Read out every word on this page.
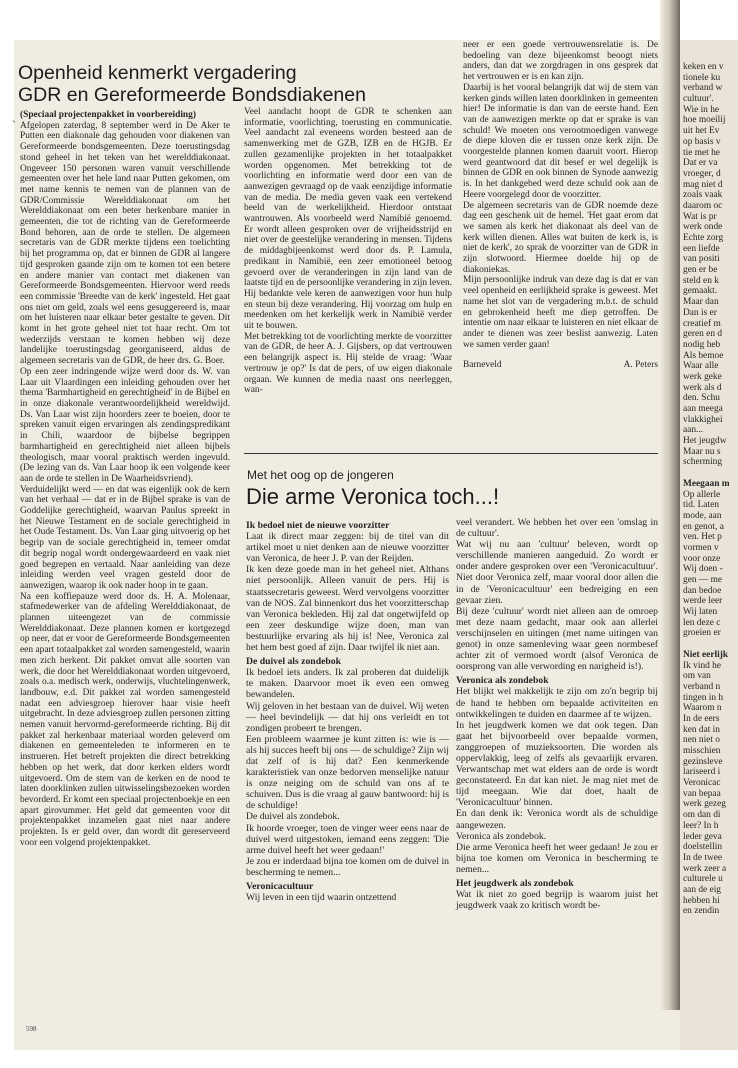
keken en v
tionele ku
verband w
cultuur'.
Wie in he
hoe moeilij
uit het Ev
op basis v
tie met he
Dat er va
vroeger, d
mag niet d
zoals vaak
daarom oc
Wat is pr
werk onde
Echte zorg
een liefde
van positi
gen er be
steld en k
gemaakt.
Maar dan
Dan is er
creatief m
geren en d
nodig heb
Als bemoe
Waar alle
werk geke
werk als d
den. Schu
aan meega
vlakkighei
aan...
Het jeugdw
Maar nu s
scherming
Meegaan m
Op allerle
tid. Laten
mode, aan
en genot, a
ven. Het p
vormen v
voor onze
Wij doen -
gen — me
dan bedoe
werde leer
Wij laten
len deze c
groeien er
Niet eerlijk
Ik vind he
om van
verband n
tingen in h
Waarom n
In de eers
ken dat in
nen niet o
misschien
gezinsleve
lariseerd i
Veronicac
van bepaa
werk gezeg
om dan di
leer? In h
leder geva
doelstellin
In de twee
werk zeer a
culturele u
aan de eig
hebben hi
en zendin
Openheid kenmerkt vergadering
GDR en Gereformeerde Bondsdiakenen
`

(Speciaal projectenpakket in voorbereiding)

Afgelopen zaterdag, 8 september werd in De Aker te Putten een diakonale dag gehouden voor diakenen van Gereformeerde bondsgemeenten. Deze toerustingsdag stond geheel in het teken van het werelddiakonaat. Ongeveer 150 personen waren vanuit verschillende gemeenten over het hele land naar Putten gekomen, om met name kennis te nemen van de plannen van de GDR/Commissie Werelddiakonaat om het Werelddiakonaat om een beter herkenbare manier in gemeenten, die tot de richting van de Gereformeerde Bond behoren, aan de orde te stellen. De algemeen secretaris van de GDR merkte tijdens een toelichting bij het programma op, dat er binnen de GDR al langere tijd gesproken gaande zijn om te komen tot een betere en andere manier van contact met diakenen van Gereformeerde Bondsgemeenten. Hiervoor werd reeds een commissie 'Breedte van de kerk' ingesteld. Het gaat ons niet om geld, zoals wel eens gesuggereerd is, maar om het luisteren naar elkaar beter gestalte te geven. Dit komt in het grote geheel niet tot haar recht. Om tot wederzijds verstaan te komen hebben wij deze landelijke toerustingsdag georganiseerd, aldus de algemeen secretaris van de GDR, de heer drs. G. Boer.

Op een zeer indringende wijze werd door ds. W. van Laar uit Vlaardingen een inleiding gehouden over het thema 'Barmhartigheid en gerechtigheid' in de Bijbel en in onze diakonale verantwoordelijkheid wereldwijd. Ds. Van Laar wist zijn hoorders zeer te boeien, door te spreken vanuit eigen ervaringen als zendingspredikant in Chili, waardoor de bijbelse begrippen barmhartigheid en gerechtigheid niet alleen bijbels theologisch, maar vooral praktisch werden ingevuld. (De lezing van ds. Van Laar hoop ik een volgende keer aan de orde te stellen in De Waarheidsvriend).

Verduidelijkt werd — en dat was eigenlijk ook de kern van het verhaal — dat er in de Bijbel sprake is van de Goddelijke gerechtigheid, waarvan Paulus spreekt in het Nieuwe Testament en de sociale gerechtigheid in het Oude Testament. Ds. Van Laar ging uitvoerig op het begrip van de sociale gerechtigheid in, temeer omdat dit begrip nogal wordt ondergewaardeerd en vaak niet goed begrepen en vertaald. Naar aanleiding van deze inleiding werden veel vragen gesteld door de aanwezigen, waarop ik ook nader hoop in te gaan.

Na een koffiepauze werd door ds. H. A. Molenaar, stafmedewerker van de afdeling Werelddiakonaat, de plannen uiteengezet van de commissie Werelddiakonaat. Deze plannen komen er kortgezegd op neer, dat er voor de Gereformeerde Bondsgemeenten een apart totaalpakket zal worden samengesteld, waarin men zich herkent. Dit pakket omvat alle soorten van werk, die door het Werelddiakonaat worden uitgevoerd, zoals o.a. medisch werk, onderwijs, vluchtelingenwerk, landbouw, e.d. Dit pakket zal worden samengesteld nadat een adviesgroep hierover haar visie heeft uitgebracht. In deze adviesgroep zullen personen zitting nemen vanuit hervormd-gereformeerde richting. Bij dit pakket zal herkenbaar materiaal worden geleverd om diakenen en gemeenteleden te informeren en te instrueren. Het betreft projekten die direct betrekking hebben op het werk, dat door kerken elders wordt uitgevoerd. Om de stem van de kerken en de nood te laten doorklinken zullen uitwisselingsbezoeken worden bevorderd. Er komt een speciaal projectenboekje en een apart girονummer. Het geld dat gemeenten voor dit projektenpakket inzamelen gaat niet naar andere projekten. Is er geld over, dan wordt dit gereserveerd voor een volgend projektenpakket.

Veel aandacht hoopt de GDR te schenken aan informatie, voorlichting, toerusting en communicatie. Veel aandacht zal eveneens worden besteed aan de samenwerking met de GZB, IZB en de HGJB. Er zullen gezamenlijke projekten in het totaalpakket worden opgenomen. Met betrekking tot de voorlichting en informatie werd door een van de aanwezigen gevraagd op de vaak eenzijdige informatie van de media. De media geven vaak een vertekend beeld van de werkelijkheid. Hierdoor ontstaat wantrouwen. Als voorbeeld werd Namibië genoemd. Er wordt alleen gesproken over de vrijheidsstrijd en niet over de geestelijke verandering in mensen. Tijdens de middagbijeenkomst werd door ds. P. Lamula, predikant in Namibië, een zeer emotioneel betoog gevoerd over de veranderingen in zijn land van de laatste tijd en de persoonlijke verandering in zijn leven. Hij bedankte vele keren de aanwezigen voor hun hulp en steun bij deze verandering. Hij voorzag om hulp en meedenken om het kerkelijk werk in Namibië verder uit te bouwen.

Met betrekking tot de voorlichting merkte de voorzitter van de GDR, de heer A. J. Gijsbers, op dat vertrouwen een belangrijk aspect is. Hij stelde de vraag: 'Waar vertrouw je op?' Is dat de pers, of uw eigen diakonale orgaan. We kunnen de media naast ons neerleggen, wan-

neer er een goede vertrouwensrelatie is. De bedoeling van deze bijeenkomst beoogt niets anders, dan dat we zorgdragen in ons gesprek dat het vertrouwen er is en kan zijn.

Daarbij is het vooral belangrijk dat wij de stem van kerken ginds willen laten doorklinken in gemeenten hier! De informatie is dan van de eerste hand. Een van de aanwezigen merkte op dat er sprake is van schuld! We moeten ons verootmoedigen vanwege de diepe kloven die er tussen onze kerk zijn. De voorgestelde plannen komen daaruit voort. Hierop werd geantwoord dat dit besef er wel degelijk is binnen de GDR en ook binnen de Synode aanwezig is. In het dankgebed werd deze schuld ook aan de Heere voorgelegd door de voorzitter.

De algemeen secretaris van de GDR noemde deze dag een geschenk uit de hemel. 'Het gaat erom dat we samen als kerk het diakonaat als deel van de kerk willen dienen. Alles wat buiten de kerk is, is niet de kerk', zo sprak de voorzitter van de GDR in zijn slotwoord. Hiermee doelde hij op de diakoniekas.

Mijn persoonlijke indruk van deze dag is dat er van veel openheid en eerlijkheid sprake is geweest. Met name het slot van de vergadering m.b.t. de schuld en gebrokenheid heeft me diep getroffen. De intentie om naar elkaar te luisteren en niet elkaar de ander te dienen was zeer beslist aanwezig. Laten we samen verder gaan!

Barneveld	A. Peters
Met het oog op de jongeren
Die arme Veronica toch...!

Ik bedoel niet de nieuwe voorzitter

Laat ik direct maar zeggen: bij de titel van dit artikel moet u niet denken aan de nieuwe voorzitter van Veronica, de heer J. P. van der Reijden.

Ik ken deze goede man in het geheel niet. Althans niet persoonlijk. Alleen vanuit de pers. Hij is staatssecretaris geweest. Werd vervolgens voorzitter van de NOS. Zal binnenkort dus het voorzitterschap van Veronica bekleden. Hij zal dat ongetwijfeld op een zeer deskundige wijze doen, man van bestuurlijke ervaring als hij is! Nee, Veronica zal het hem best goed af zijn. Daar twijfel ik niet aan.

De duivel als zondebok

Ik bedoel iets anders. Ik zal proberen dat duidelijk te maken. Daarvoor moet ik even een omweg bewandelen.

Wij geloven in het bestaan van de duivel. Wij weten — heel bevindelijk — dat hij ons verleidt en tot zondigen probeert te brengen.

Een probleem waarmee je kunt zitten is: wie is — als hij succes heeft bij ons — de schuldige? Zijn wij dat zelf of is hij dat? Een kenmerkende karakteristiek van onze bedorven menselijke natuur is onze neiging om de schuld van ons af te schuiven. Dus is die vraag al gauw bantwoord: hij is de schuldige!

De duivel als zondebok.

Ik hoorde vroeger, toen de vinger weer eens naar de duivel werd uitgestoken, iemand eens zeggen: 'Die arme duivel heeft het weer gedaan!'

Je zou er inderdaad bijna toe komen om de duivel in bescherming te nemen...

Veronicacultuur

Wij leven in een tijd waarin ontzettend

veel verandert. We hebben het over een 'omslag in de cultuur'.

Wat wij nu aan 'cultuur' beleven, wordt op verschillende manieren aangeduid. Zo wordt er onder andere gesproken over een 'Veronicacultuur'. Niet door Veronica zelf, maar vooral door allen die in de 'Veronicacultuur' een bedreiging en een gevaar zien.

Bij deze 'cultuur' wordt niet alleen aan de omroep met deze naam gedacht, maar ook aan allerlei verschijnselen en uitingen (met name uitingen van genot) in onze samenleving waar geen normbesef achter zit of vermoed wordt (alsof Veronica de oorsprong van alle verwording en narigheid is!).

Veronica als zondebok

Het blijkt wel makkelijk te zijn om zo'n begrip bij de hand te hebben om bepaalde activiteiten en ontwikkelingen te duiden en daarmee af te wijzen.

In het jeugdwerk komen we dat ook tegen. Dan gaat het bijvoorbeeld over bepaalde vormen, zanggroepen of muzieksoorten. Die worden als oppervlakkig, leeg of zelfs als gevaarlijk ervaren. Verwantschap met wat elders aan de orde is wordt geconstateerd. En dat kan niet. Je mag niet met de tijd meegaan. Wie dat doet, haalt de 'Veronicacultuur' binnen.

En dan denk ik: Veronica wordt als de schuldige aangewezen.

Veronica als zondebok.

Die arme Veronica heeft het weer gedaan! Je zou er bijna toe komen om Veronica in bescherming te nemen...

Het jeugdwerk als zondebok

Wat ik niet zo goed begrijp is waarom juist het jeugdwerk vaak zo kritisch wordt be-

598
